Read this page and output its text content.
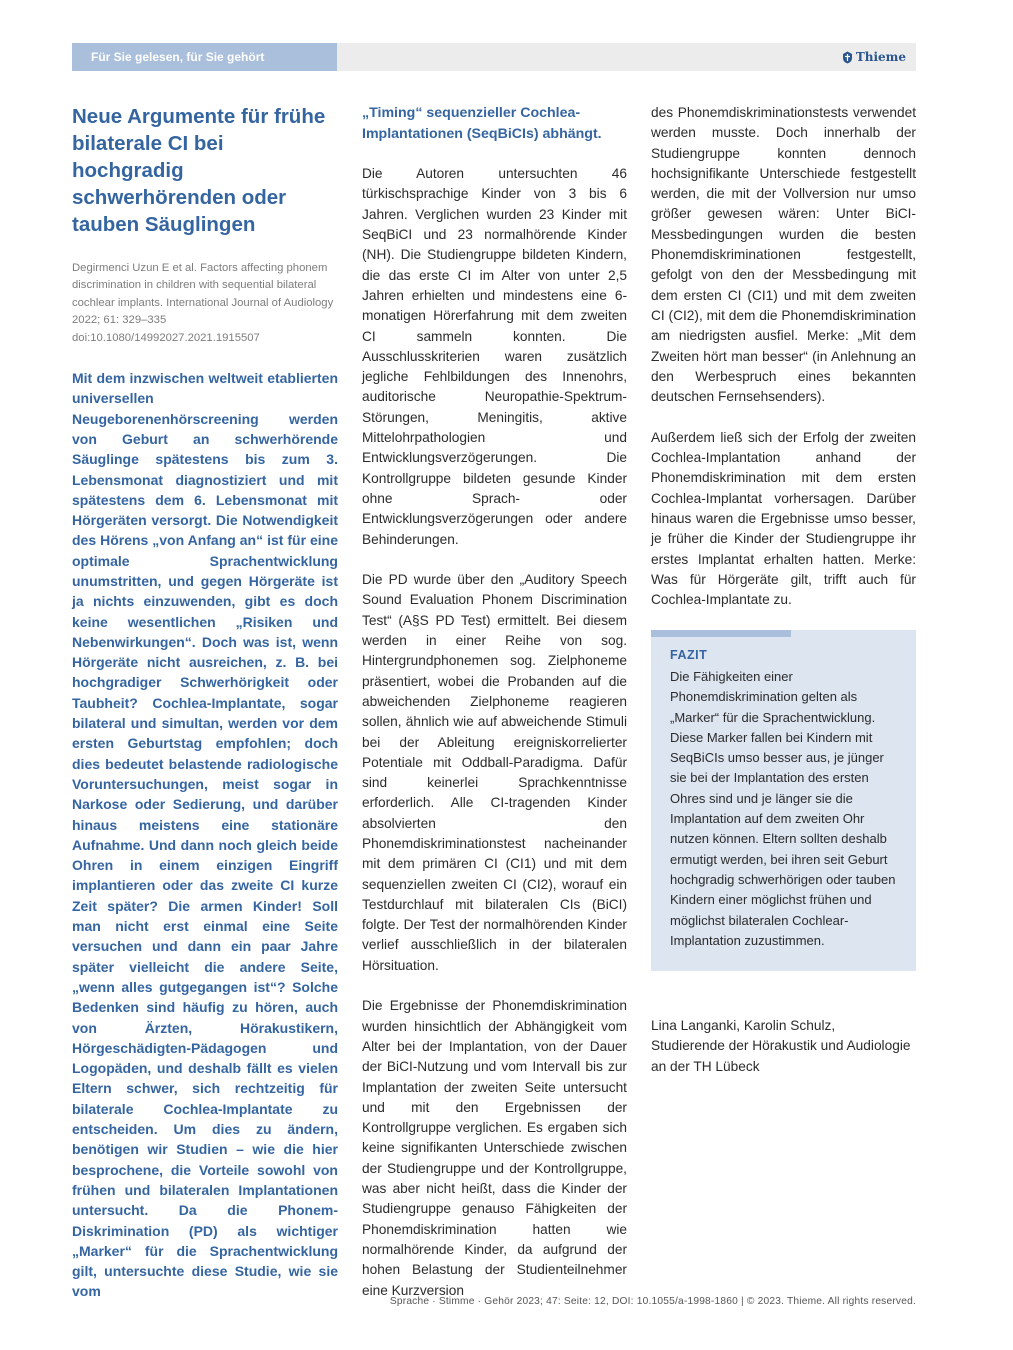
Für Sie gelesen, für Sie gehört	Thieme
Neue Argumente für frühe bilaterale CI bei hochgradig schwerhörenden oder tauben Säuglingen
Degirmenci Uzun E et al. Factors affecting phonem discrimination in children with sequential bilateral cochlear implants. International Journal of Audiology 2022; 61: 329–335 doi:10.1080/14992027.2021.1915507
Mit dem inzwischen weltweit etablierten universellen Neugeborenenhörscreening werden von Geburt an schwerhörende Säuglinge spätestens bis zum 3. Lebensmonat diagnostiziert und mit spätestens dem 6. Lebensmonat mit Hörgeräten versorgt. Die Notwendigkeit des Hörens „von Anfang an“ ist für eine optimale Sprachentwicklung unumstritten, und gegen Hörgeräte ist ja nichts einzuwenden, gibt es doch keine wesentlichen „Risiken und Nebenwirkungen“. Doch was ist, wenn Hörgeräte nicht ausreichen, z. B. bei hochgradiger Schwerhörigkeit oder Taubheit? Cochlea-Implantate, sogar bilateral und simultan, werden vor dem ersten Geburtstag empfohlen; doch dies bedeutet belastende radiologische Voruntersuchungen, meist sogar in Narkose oder Sedierung, und darüber hinaus meistens eine stationäre Aufnahme. Und dann noch gleich beide Ohren in einem einzigen Eingriff implantieren oder das zweite CI kurze Zeit später? Die armen Kinder! Soll man nicht erst einmal eine Seite versuchen und dann ein paar Jahre später vielleicht die andere Seite, „wenn alles gutgegangen ist“? Solche Bedenken sind häufig zu hören, auch von Ärzten, Hörakustikern, Hörgeschädigten-Pädagogen und Logopäden, und deshalb fällt es vielen Eltern schwer, sich rechtzeitig für bilaterale Cochlea-Implantate zu entscheiden. Um dies zu ändern, benötigen wir Studien – wie die hier besprochene, die Vorteile sowohl von frühen und bilateralen Implantationen untersucht. Da die Phonem-Diskrimination (PD) als wichtiger „Marker“ für die Sprachentwicklung gilt, untersuchte diese Studie, wie sie vom

„Timing“ sequenzieller Cochlea-Implantationen (SeqBiCIs) abhängt.

Die Autoren untersuchten 46 türkischsprachige Kinder von 3 bis 6 Jahren. Verglichen wurden 23 Kinder mit SeqBiCI und 23 normalhörende Kinder (NH). Die Studiengruppe bildeten Kindern, die das erste CI im Alter von unter 2,5 Jahren erhielten und mindestens eine 6-monatigen Hörerfahrung mit dem zweiten CI sammeln konnten. Die Ausschlusskriterien waren zusätzlich jegliche Fehlbildungen des Innenohrs, auditorische Neuropathie-Spektrum-Störungen, Meningitis, aktive Mittelohrpathologien und Entwicklungsverzögerungen. Die Kontrollgruppe bildeten gesunde Kinder ohne Sprach- oder Entwicklungsverzögerungen oder andere Behinderungen.

Die PD wurde über den „Auditory Speech Sound Evaluation Phonem Discrimination Test“ (A§S PD Test) ermittelt. Bei diesem werden in einer Reihe von sog. Hintergrundphonemen sog. Zielphoneme präsentiert, wobei die Probanden auf die abweichenden Zielphoneme reagieren sollen, ähnlich wie auf abweichende Stimuli bei der Ableitung ereigniskorrelierter Potentiale mit Oddball-Paradigma. Dafür sind keinerlei Sprachkenntnisse erforderlich. Alle CI-tragenden Kinder absolvierten den Phonemdiskriminationstest nacheinander mit dem primären CI (CI1) und mit dem sequenziellen zweiten CI (CI2), worauf ein Testdurchlauf mit bilateralen CIs (BiCI) folgte. Der Test der normalhörenden Kinder verlief ausschließlich in der bilateralen Hörsituation.

Die Ergebnisse der Phonemdiskrimination wurden hinsichtlich der Abhängigkeit vom Alter bei der Implantation, von der Dauer der BiCI-Nutzung und vom Intervall bis zur Implantation der zweiten Seite untersucht und mit den Ergebnissen der Kontrollgruppe verglichen. Es ergaben sich keine signifikanten Unterschiede zwischen der Studiengruppe und der Kontrollgruppe, was aber nicht heißt, dass die Kinder der Studiengruppe genauso Fähigkeiten der Phonemdiskrimination hatten wie normalhörende Kinder, da aufgrund der hohen Belastung der Studienteilnehmer eine Kurzversion

des Phonemdiskriminationstests verwendet werden musste. Doch innerhalb der Studiengruppe konnten dennoch hochsignifikante Unterschiede festgestellt werden, die mit der Vollversion nur umso größer gewesen wären: Unter BiCI-Messbedingungen wurden die besten Phonemdiskriminationen festgestellt, gefolgt von den der Messbedingung mit dem ersten CI (CI1) und mit dem zweiten CI (CI2), mit dem die Phonemdiskrimination am niedrigsten ausfiel. Merke: „Mit dem Zweiten hört man besser“ (in Anlehnung an den Werbespruch eines bekannten deutschen Fernsehsenders).

Außerdem ließ sich der Erfolg der zweiten Cochlea-Implantation anhand der Phonemdiskrimination mit dem ersten Cochlea-Implantat vorhersagen. Darüber hinaus waren die Ergebnisse umso besser, je früher die Kinder der Studiengruppe ihr erstes Implantat erhalten hatten. Merke: Was für Hörgeräte gilt, trifft auch für Cochlea-Implantate zu.

FAZIT
Die Fähigkeiten einer Phonemdiskrimination gelten als „Marker“ für die Sprachentwicklung. Diese Marker fallen bei Kindern mit SeqBiCIs umso besser aus, je jünger sie bei der Implantation des ersten Ohres sind und je länger sie die Implantation auf dem zweiten Ohr nutzen können. Eltern sollten deshalb ermutigt werden, bei ihren seit Geburt hochgradig schwerhörigen oder tauben Kindern einer möglichst frühen und möglichst bilateralen Cochlear-Implantation zuzustimmen.
Lina Langanki, Karolin Schulz,
Studierende der Hörakustik und Audiologie an der TH Lübeck
Sprache · Stimme · Gehör 2023; 47: Seite: 12, DOI: 10.1055/a-1998-1860 | © 2023. Thieme. All rights reserved.
